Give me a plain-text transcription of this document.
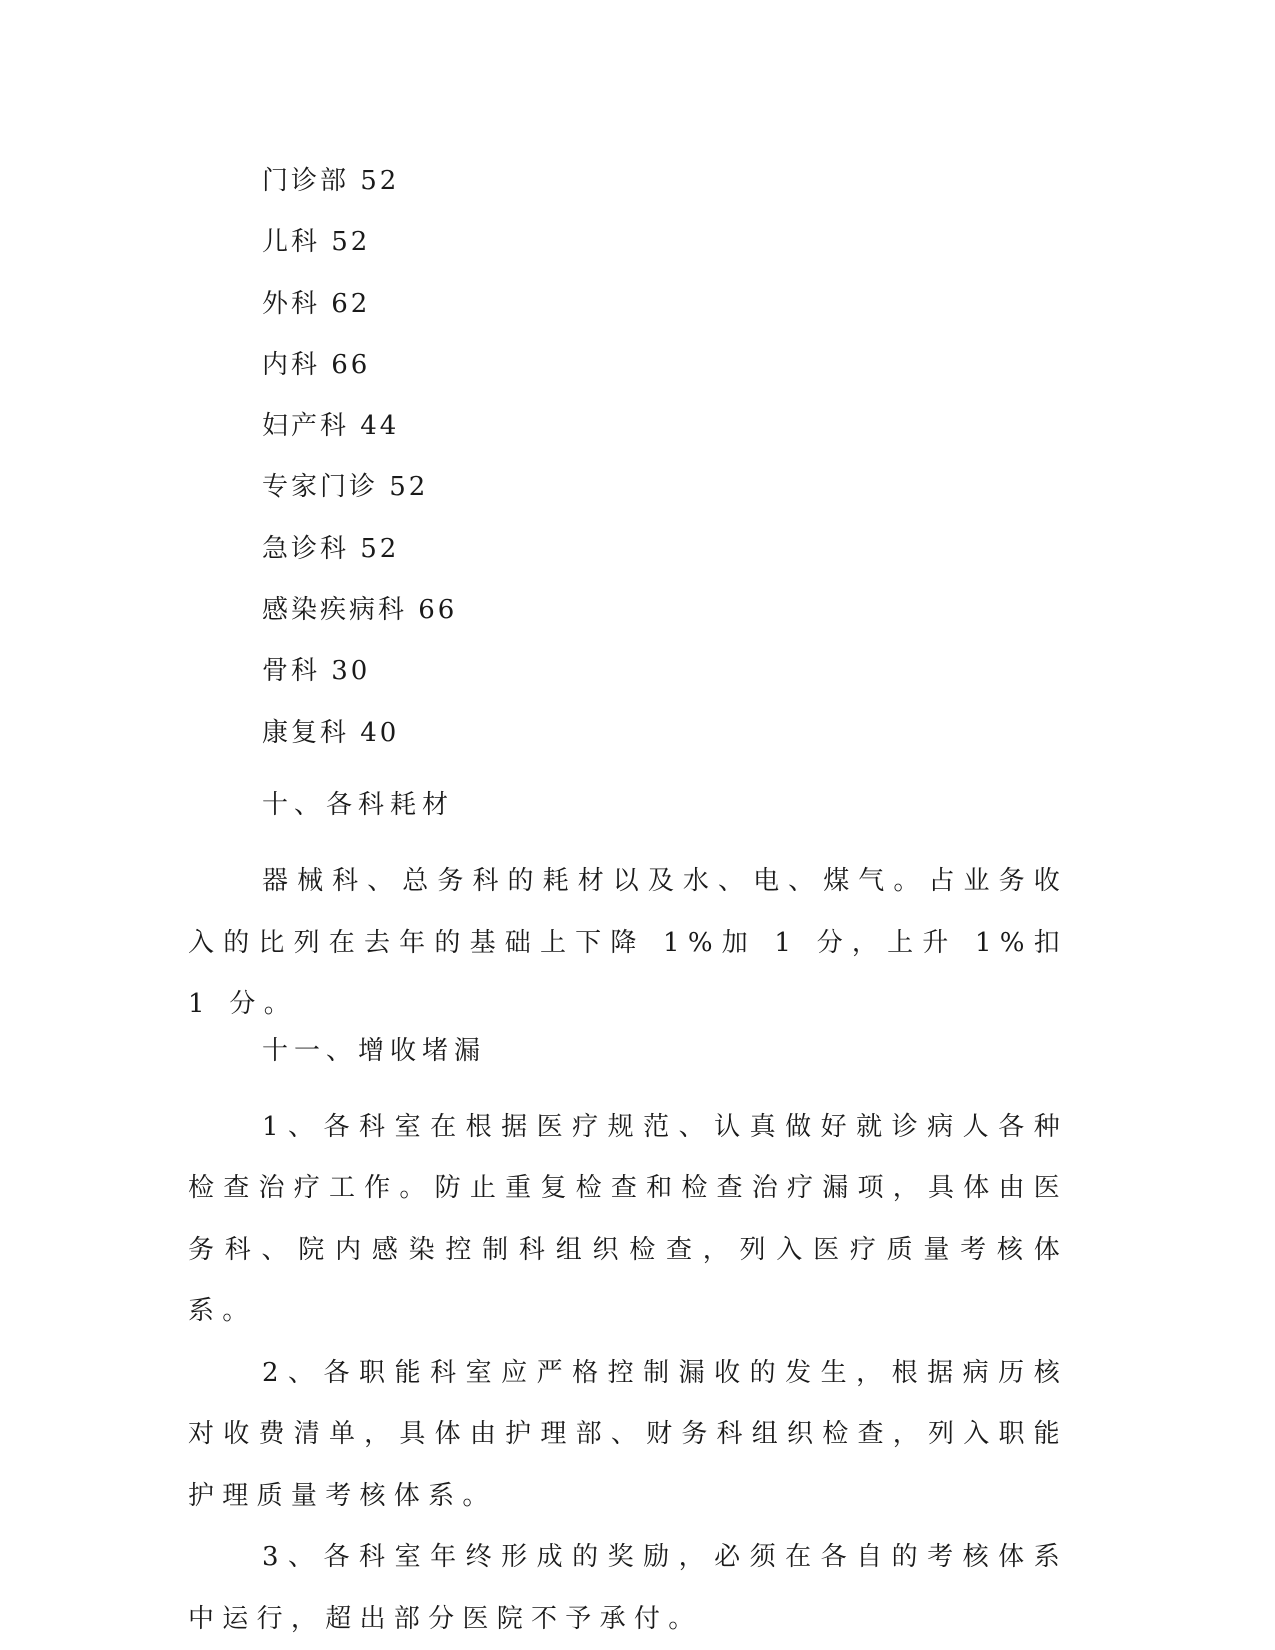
门诊部 52
儿科 52
外科 62
内科 66
妇产科 44
专家门诊 52
急诊科 52
感染疾病科 66
骨科 30
康复科 40

十、各科耗材

器械科、总务科的耗材以及水、电、煤气。占业务收入的比列在去年的基础上下降 1%加 1 分，上升 1%扣 1 分。

十一、增收堵漏

1、各科室在根据医疗规范、认真做好就诊病人各种检查治疗工作。防止重复检查和检查治疗漏项，具体由医务科、院内感染控制科组织检查，列入医疗质量考核体系。

2、各职能科室应严格控制漏收的发生，根据病历核对收费清单，具体由护理部、财务科组织检查，列入职能护理质量考核体系。

3、各科室年终形成的奖励，必须在各自的考核体系中运行，超出部分医院不予承付。
